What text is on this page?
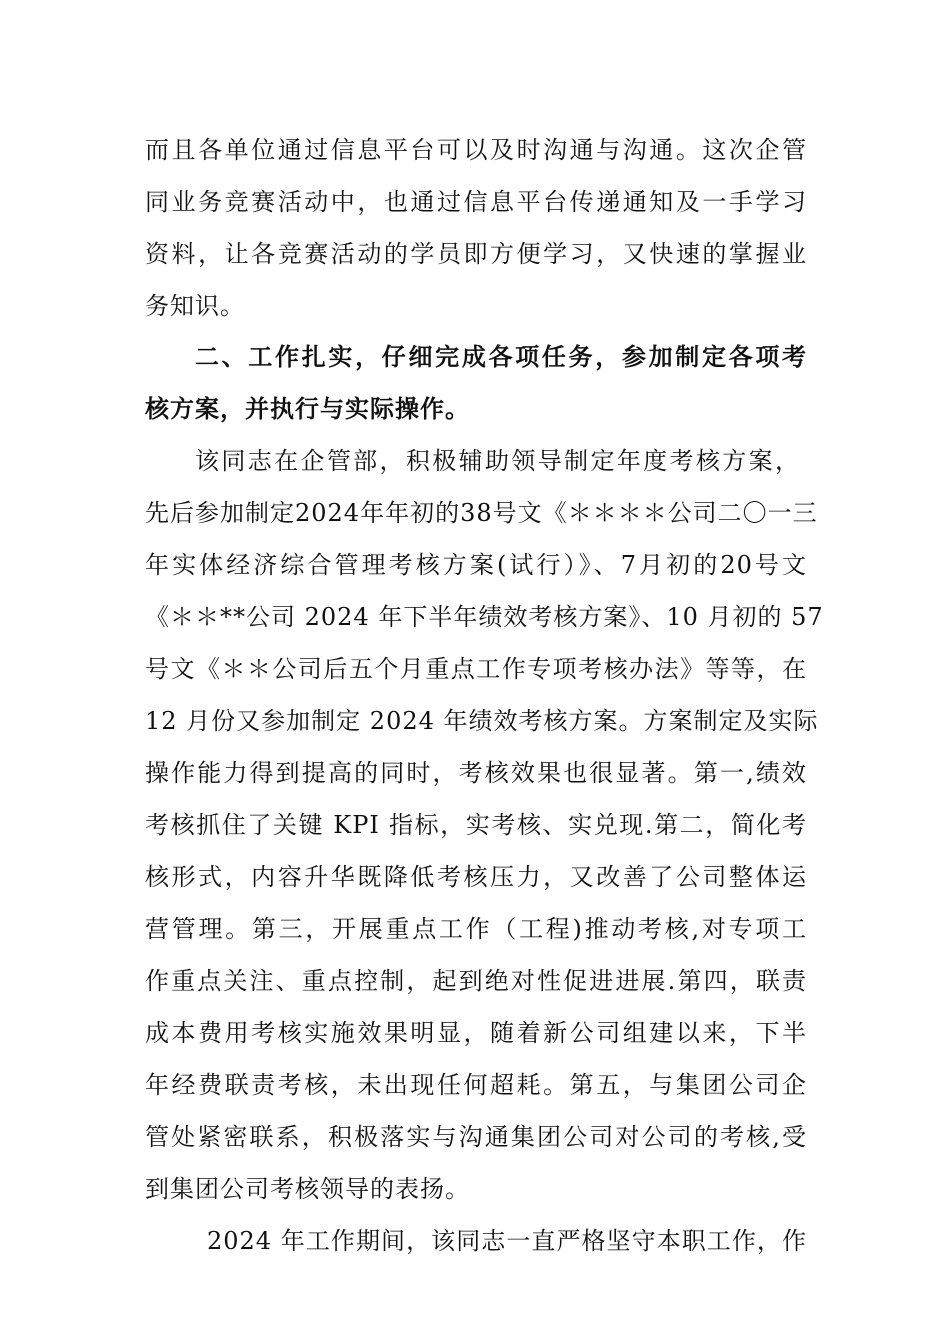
而且各单位通过信息平台可以及时沟通与沟通。这次企管
同业务竞赛活动中，也通过信息平台传递通知及一手学习
资料，让各竞赛活动的学员即方便学习，又快速的掌握业
务知识。
二、工作扎实，仔细完成各项任务，参加制定各项考
核方案，并执行与实际操作。
该同志在企管部，积极辅助领导制定年度考核方案，
先后参加制定2024年年初的38号文《＊＊＊＊公司二〇一三
年实体经济综合管理考核方案(试行）》、7月初的20号文
《＊＊**公司 2024 年下半年绩效考核方案》、10 月初的 57
号文《＊＊公司后五个月重点工作专项考核办法》等等，在
12 月份又参加制定 2024 年绩效考核方案。方案制定及实际
操作能力得到提高的同时，考核效果也很显著。第一,绩效
考核抓住了关键 KPI 指标，实考核、实兑现.第二，简化考
核形式，内容升华既降低考核压力，又改善了公司整体运
营管理。第三，开展重点工作（工程)推动考核,对专项工
作重点关注、重点控制，起到绝对性促进进展.第四，联责
成本费用考核实施效果明显，随着新公司组建以来，下半
年经费联责考核，未出现任何超耗。第五，与集团公司企
管处紧密联系，积极落实与沟通集团公司对公司的考核,受
到集团公司考核领导的表扬。
2024 年工作期间，该同志一直严格坚守本职工作，作
